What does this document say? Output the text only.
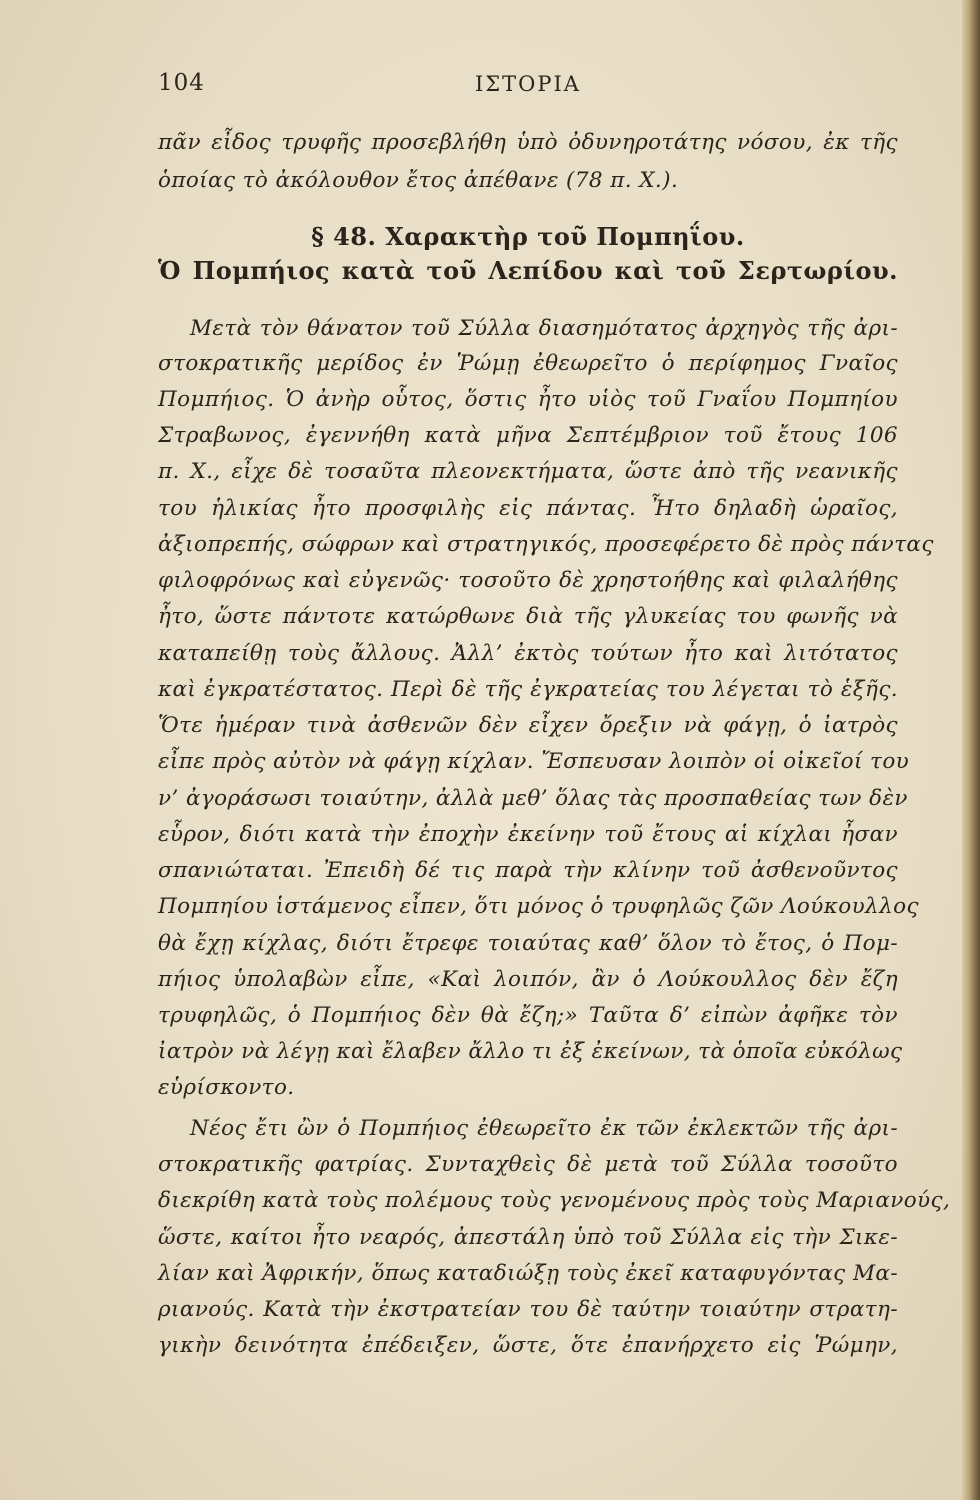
104	ΙΣΤΟΡΙΑ
πᾶν εἶδος τρυφῆς προσεβλήθη ὑπὸ ὀδυνηροτάτης νόσου, ἐκ τῆς
ὁποίας τὸ ἀκόλουθον ἔτος ἀπέθανε (78 π. Χ.).
§ 48. Χαρακτὴρ τοῦ Πομπηΐου.
Ὁ Πομπήιος κατὰ τοῦ Λεπίδου καὶ τοῦ Σερτωρίου.
Μετὰ τὸν θάνατον τοῦ Σύλλα διασημότατος ἀρχηγὸς τῆς ἀρι-
στοκρατικῆς μερίδος ἐν Ῥώμῃ ἐθεωρεῖτο ὁ περίφημος Γναῖος
Πομπήιος. Ὁ ἀνὴρ οὗτος, ὅστις ἦτο υἱὸς τοῦ Γναΐου Πομπηίου
Στραβωνος, ἐγεννήθη κατὰ μῆνα Σεπτέμβριον τοῦ ἔτους 106
π. Χ., εἶχε δὲ τοσαῦτα πλεονεκτήματα, ὥστε ἀπὸ τῆς νεανικῆς
του ἡλικίας ἦτο προσφιλὴς εἰς πάντας. Ἦτο δηλαδὴ ὡραῖος,
ἀξιοπρεπής, σώφρων καὶ στρατηγικός, προσεφέρετο δὲ πρὸς πάντας
φιλοφρόνως καὶ εὐγενῶς· τοσοῦτο δὲ χρηστοήθης καὶ φιλαλήθης
ἦτο, ὥστε πάντοτε κατώρθωνε διὰ τῆς γλυκείας του φωνῆς νὰ
καταπείθῃ τοὺς ἄλλους. Ἀλλ’ ἐκτὸς τούτων ἦτο καὶ λιτότατος
καὶ ἐγκρατέστατος. Περὶ δὲ τῆς ἐγκρατείας του λέγεται τὸ ἑξῆς.
Ὅτε ἡμέραν τινὰ ἀσθενῶν δὲν εἶχεν ὄρεξιν νὰ φάγῃ, ὁ ἰατρὸς
εἶπε πρὸς αὐτὸν νὰ φάγῃ κίχλαν. Ἔσπευσαν λοιπὸν οἱ οἰκεῖοί του
ν’ ἀγοράσωσι τοιαύτην, ἀλλὰ μεθ’ ὅλας τὰς προσπαθείας των δὲν
εὗρον, διότι κατὰ τὴν ἐποχὴν ἐκείνην τοῦ ἔτους αἱ κίχλαι ἦσαν
σπανιώταται. Ἐπειδὴ δέ τις παρὰ τὴν κλίνην τοῦ ἀσθενοῦντος
Πομπηίου ἱστάμενος εἶπεν, ὅτι μόνος ὁ τρυφηλῶς ζῶν Λούκουλλος
θὰ ἔχῃ κίχλας, διότι ἔτρεφε τοιαύτας καθ’ ὅλον τὸ ἔτος, ὁ Πομ-
πήιος ὑπολαβὼν εἶπε, «Καὶ λοιπόν, ἂν ὁ Λούκουλλος δὲν ἔζη
τρυφηλῶς, ὁ Πομπήιος δὲν θὰ ἔζη;» Ταῦτα δ’ εἰπὼν ἀφῆκε τὸν
ἰατρὸν νὰ λέγῃ καὶ ἔλαβεν ἄλλο τι ἐξ ἐκείνων, τὰ ὁποῖα εὐκόλως
εὑρίσκοντο.
Νέος ἔτι ὢν ὁ Πομπήιος ἐθεωρεῖτο ἐκ τῶν ἐκλεκτῶν τῆς ἀρι-
στοκρατικῆς φατρίας. Συνταχθεὶς δὲ μετὰ τοῦ Σύλλα τοσοῦτο
διεκρίθη κατὰ τοὺς πολέμους τοὺς γενομένους πρὸς τοὺς Μαριανούς,
ὥστε, καίτοι ἦτο νεαρός, ἀπεστάλη ὑπὸ τοῦ Σύλλα εἰς τὴν Σικε-
λίαν καὶ Ἀφρικήν, ὅπως καταδιώξῃ τοὺς ἐκεῖ καταφυγόντας Μα-
ριανούς. Κατὰ τὴν ἐκστρατείαν του δὲ ταύτην τοιαύτην στρατη-
γικὴν δεινότητα ἐπέδειξεν, ὥστε, ὅτε ἐπανήρχετο εἰς Ῥώμην,
